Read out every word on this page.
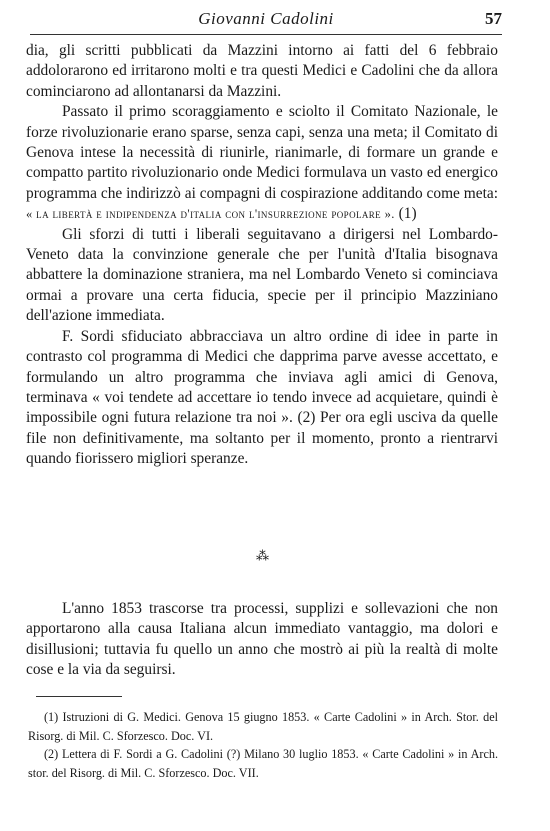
Giovanni Cadolini	57

dia, gli scritti pubblicati da Mazzini intorno ai fatti del 6 febbraio addolorarono ed irritarono molti e tra questi Medici e Cadolini che da allora cominciarono ad allontanarsi da Mazzini.

Passato il primo scoraggiamento e sciolto il Comitato Nazionale, le forze rivoluzionarie erano sparse, senza capi, senza una meta; il Comitato di Genova intese la necessità di riunirle, rianimarle, di formare un grande e compatto partito rivoluzionario onde Medici formulava un vasto ed energico programma che indirizzò ai compagni di cospirazione additando come meta: « la libertà e indipendenza d'italia con l'insurrezione popolare ». (1)

Gli sforzi di tutti i liberali seguitavano a dirigersi nel Lombardo-Veneto data la convinzione generale che per l'unità d'Italia bisognava abbattere la dominazione straniera, ma nel Lombardo Veneto si cominciava ormai a provare una certa fiducia, specie per il principio Mazziniano dell'azione immediata.

F. Sordi sfiduciato abbracciava un altro ordine di idee in parte in contrasto col programma di Medici che dapprima parve avesse accettato, e formulando un altro programma che inviava agli amici di Genova, terminava « voi tendete ad accettare io tendo invece ad acquietare, quindi è impossibile ogni futura relazione tra noi ». (2) Per ora egli usciva da quelle file non definitivamente, ma soltanto per il momento, pronto a rientrarvi quando fiorissero migliori speranze.

⁂

L'anno 1853 trascorse tra processi, supplizi e sollevazioni che non apportarono alla causa Italiana alcun immediato vantaggio, ma dolori e disillusioni; tuttavia fu quello un anno che mostrò ai più la realtà di molte cose e la via da seguirsi.

(1) Istruzioni di G. Medici. Genova 15 giugno 1853. « Carte Cadolini » in Arch. Stor. del Risorg. di Mil. C. Sforzesco. Doc. VI.

(2) Lettera di F. Sordi a G. Cadolini (?) Milano 30 luglio 1853. « Carte Cadolini » in Arch. stor. del Risorg. di Mil. C. Sforzesco. Doc. VII.
